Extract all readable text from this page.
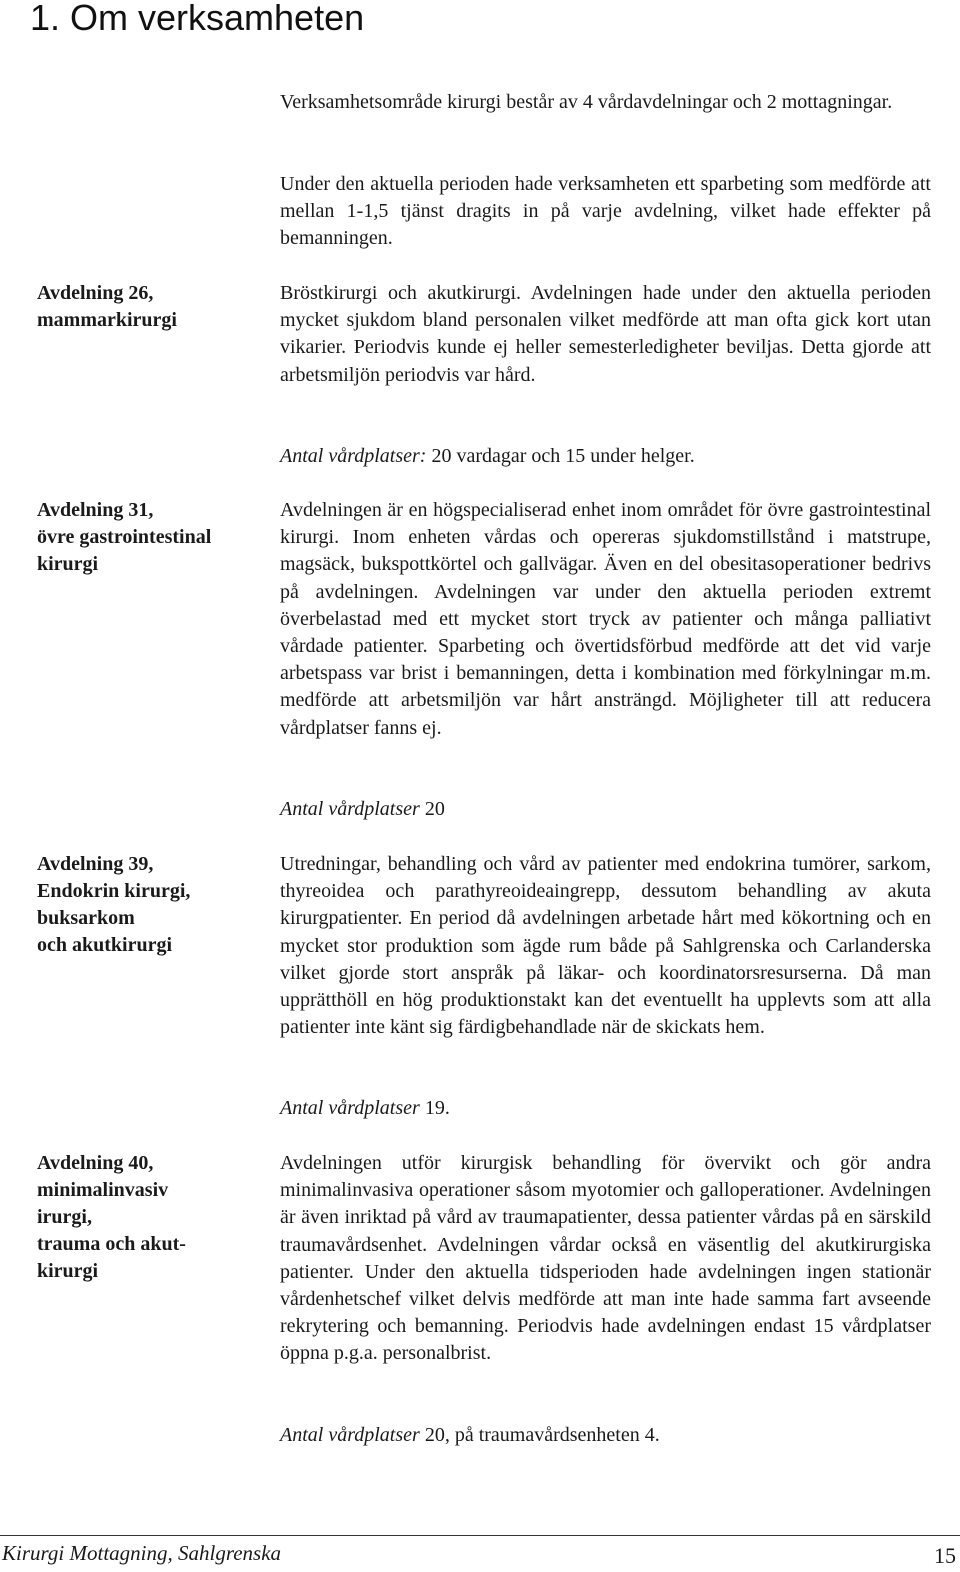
1. Om verksamheten

Verksamhetsområde kirurgi består av 4 vårdavdelningar och 2 mottagningar.

Under den aktuella perioden hade verksamheten ett sparbeting som medförde att mellan 1-1,5 tjänst dragits in på varje avdelning, vilket hade effekter på bemanningen.

Avdelning 26,
mammarkirurgi

Bröstkirurgi och akutkirurgi. Avdelningen hade under den aktuella perioden mycket sjukdom bland personalen vilket medförde att man ofta gick kort utan vikarier. Periodvis kunde ej heller semesterledigheter beviljas. Detta gjorde att arbetsmiljön periodvis var hård.

Antal vårdplatser: 20 vardagar och 15 under helger.

Avdelning 31,
övre gastrointestinal
kirurgi

Avdelningen är en högspecialiserad enhet inom området för övre gastrointestinal kirurgi. Inom enheten vårdas och opereras sjukdomstillstånd i matstrupe, magsäck, bukspottkörtel och gallvägar. Även en del obesitasoperationer bedrivs på avdelningen. Avdelningen var under den aktuella perioden extremt överbelastad med ett mycket stort tryck av patienter och många palliativt vårdade patienter. Sparbeting och övertidsförbud medförde att det vid varje arbetspass var brist i bemanningen, detta i kombination med förkylningar m.m. medförde att arbetsmiljön var hårt ansträngd. Möjligheter till att reducera vårdplatser fanns ej.

Antal vårdplatser 20

Avdelning 39,
Endokrin kirurgi,
buksarkom
och akutkirurgi

Utredningar, behandling och vård av patienter med endokrina tumörer, sarkom, thyreoidea och parathyreoideaingrepp, dessutom behandling av akuta kirurgpatienter. En period då avdelningen arbetade hårt med kökortning och en mycket stor produktion som ägde rum både på Sahlgrenska och Carlanderska vilket gjorde stort anspråk på läkar- och koordinatorsresurserna. Då man upprätthöll en hög produktionstakt kan det eventuellt ha upplevts som att alla patienter inte känt sig färdigbehandlade när de skickats hem.

Antal vårdplatser 19.

Avdelning 40,
minimalinvasiv
irurgi,
trauma och akut-
kirurgi

Avdelningen utför kirurgisk behandling för övervikt och gör andra minimalinvasiva operationer såsom myotomier och galloperationer. Avdelningen är även inriktad på vård av traumapatienter, dessa patienter vårdas på en särskild traumavårdsenhet. Avdelningen vårdar också en väsentlig del akutkirurgiska patienter. Under den aktuella tidsperioden hade avdelningen ingen stationär vårdenhetschef vilket delvis medförde att man inte hade samma fart avseende rekrytering och bemanning. Periodvis hade avdelningen endast 15 vårdplatser öppna p.g.a. personalbrist.

Antal vårdplatser 20, på traumavårdsenheten 4.

Kirurgi Mottagning, Sahlgrenska	15
